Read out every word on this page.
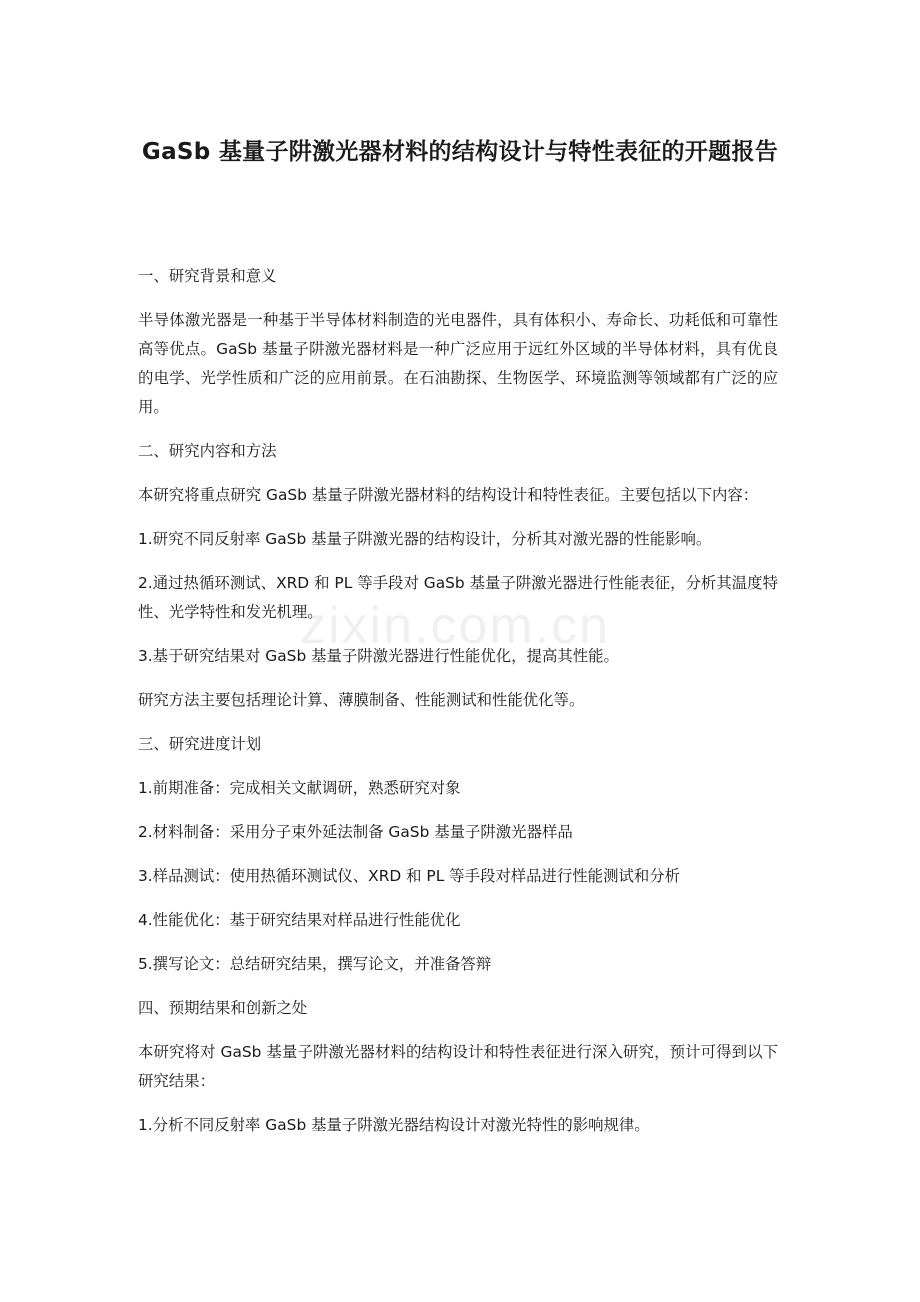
GaSb 基量子阱激光器材料的结构设计与特性表征的开题报告

一、研究背景和意义

半导体激光器是一种基于半导体材料制造的光电器件，具有体积小、寿命长、功耗低和可靠性高等优点。GaSb 基量子阱激光器材料是一种广泛应用于远红外区域的半导体材料，具有优良的电学、光学性质和广泛的应用前景。在石油勘探、生物医学、环境监测等领域都有广泛的应用。

二、研究内容和方法

本研究将重点研究 GaSb 基量子阱激光器材料的结构设计和特性表征。主要包括以下内容：

1.研究不同反射率 GaSb 基量子阱激光器的结构设计，分析其对激光器的性能影响。

2.通过热循环测试、XRD 和 PL 等手段对 GaSb 基量子阱激光器进行性能表征，分析其温度特性、光学特性和发光机理。

3.基于研究结果对 GaSb 基量子阱激光器进行性能优化，提高其性能。

研究方法主要包括理论计算、薄膜制备、性能测试和性能优化等。

三、研究进度计划

1.前期准备：完成相关文献调研，熟悉研究对象

2.材料制备：采用分子束外延法制备 GaSb 基量子阱激光器样品

3.样品测试：使用热循环测试仪、XRD 和 PL 等手段对样品进行性能测试和分析

4.性能优化：基于研究结果对样品进行性能优化

5.撰写论文：总结研究结果，撰写论文，并准备答辩

四、预期结果和创新之处

本研究将对 GaSb 基量子阱激光器材料的结构设计和特性表征进行深入研究，预计可得到以下研究结果：

1.分析不同反射率 GaSb 基量子阱激光器结构设计对激光特性的影响规律。

zixin.com.cn
